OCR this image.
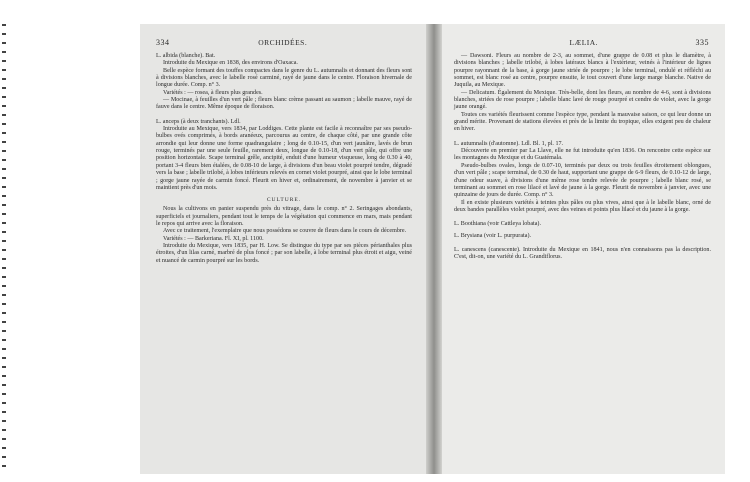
334	ORCHIDÉES.

L. albida (blanche). Bat.

Introduite du Mexique en 1838, des environs d'Oaxaca.

Belle espèce formant des touffes compactes dans le genre du L. autumnalis et donnant des fleurs sont à divisions blanches, avec le labelle rosé carminé, rayé de jaune dans le centre. Floraison hivernale de longue durée. Comp. n° 3.

Variétés : — rosea, à fleurs plus grandes.

— Mocinae, à feuilles d'un vert pâle ; fleurs blanc crème passant au saumon ; labelle mauve, rayé de fauve dans le centre. Même époque de floraison.

L. anceps (à deux tranchants). Ldl.

Introduite au Mexique, vers 1834, par Loddiges. Cette plante est facile à reconnaître par ses pseudo-bulbes ovés comprimés, à bords aranéeux, parcourus au centre, de chaque côté, par une grande côte arrondie qui leur donne une forme quadrangulaire ; long de 0.10-15, d'un vert jaunâtre, lavés de brun rouge, terminés par une seule feuille, rarement deux, longue de 0.10-18, d'un vert pâle, qui offre une position horizontale. Scape terminal grêle, ancipité, enduit d'une humeur visqueuse, long de 0.30 à 40, portant 3-4 fleurs bien étalées, de 0.08-10 de large, à divisions d'un beau violet pourpré tendre, dégradé vers la base ; labelle trilobé, à lobes inférieurs relevés en cornet violet pourpré, ainsi que le lobe terminal ; gorge jaune rayée de carmin foncé. Fleurit en hiver et, ordinairement, de novembre à janvier et se maintient près d'un mois.

CULTURE.

Nous la cultivons en panier suspendu près du vitrage, dans le comp. n° 2. Seringages abondants, superficiels et journaliers, pendant tout le temps de la végétation qui commence en mars, mais pendant le repos qui arrive avec la floraison.

Avec ce traitement, l'exemplaire que nous possédons se couvre de fleurs dans le cours de décembre.

Variétés : — Barkeriana. Fl. XI, pl. 1100.

Introduite du Mexique, vers 1835, par H. Low. Se distingue du type par ses pièces périanthales plus étroites, d'un lilas carné, marbré de plus foncé ; par son labelle, à lobe terminal plus étroit et aigu, veiné et nuancé de carmin pourpré sur les bords.

LÆLIA.	335

— Dawsoni. Fleurs au nombre de 2-3, au sommet, d'une grappe de 0.08 et plus le diamètre, à divisions blanches ; labelle trilobé, à lobes latéraux blancs à l'extérieur, veinés à l'intérieur de lignes pourpre rayonnant de la base, à gorge jaune striée de pourpre ; le lobe terminal, ondulé et réfléchi au sommet, est blanc rosé au centre, pourpre ensuite, le tout couvert d'une large marge blanche. Native de Juquila, au Mexique.

— Delicatum. Également du Mexique. Très-belle, dont les fleurs, au nombre de 4-6, sont à divisions blanches, striées de rose pourpre ; labelle blanc lavé de rouge pourpré et cendre de violet, avec la gorge jaune orangé.

Toutes ces variétés fleurissent comme l'espèce type, pendant la mauvaise saison, ce qui leur donne un grand mérite. Provenant de stations élevées et près de la limite du tropique, elles exigent peu de chaleur en hiver.

L. autumnalis (d'automne). Ldl. Bl. 1, pl. 17.

Découverte en premier par La Llave, elle ne fut introduite qu'en 1836. On rencontre cette espèce sur les montagnes du Mexique et du Guatémala.

Pseudo-bulbes ovales, longs de 0.07-10, terminés par deux ou trois feuilles étroitement oblongues, d'un vert pâle ; scape terminal, de 0.30 de haut, supportant une grappe de 6-9 fleurs, de 0.10-12 de large, d'une odeur suave, à divisions d'une même rose tendre relevée de pourpre ; labelle blanc rosé, se terminant au sommet en rose lilacé et lavé de jaune à la gorge. Fleurit de novembre à janvier, avec une quinzaine de jours de durée. Comp. n° 3.

Il en existe plusieurs variétés à teintes plus pâles ou plus vives, ainsi que à le labelle blanc, orné de deux bandes parallèles violet pourpré, avec des veines et points plus lilacé et du jaune à la gorge.

L. Boothiana (voir Cattleya lobata).

L. Brysiana (voir L. purpurata).

L. canescens (canescente). Introduite du Mexique en 1841, nous n'en connaissons pas la description. C'est, dit-on, une variété du L. Grandiflorus.
